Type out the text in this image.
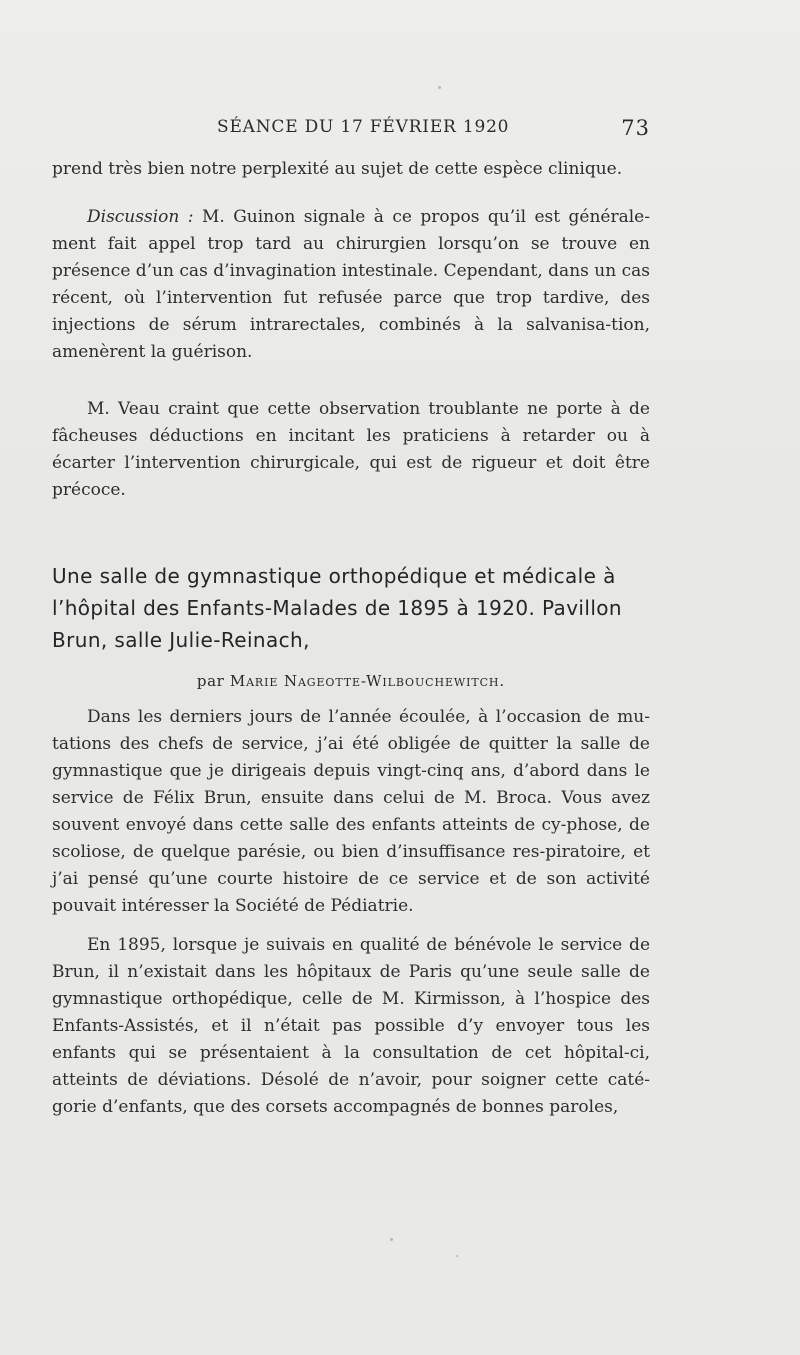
SÉANCE DU 17 FÉVRIER 1920	73
prend très bien notre perplexité au sujet de cette espèce clinique.
Discussion : M. Guinon signale à ce propos qu’il est générale-ment fait appel trop tard au chirurgien lorsqu’on se trouve en présence d’un cas d’invagination intestinale. Cependant, dans un cas récent, où l’intervention fut refusée parce que trop tardive, des injections de sérum intrarectales, combinés à la salvanisa-tion, amenèrent la guérison.
M. Veau craint que cette observation troublante ne porte à de fâcheuses déductions en incitant les praticiens à retarder ou à écarter l’intervention chirurgicale, qui est de rigueur et doit être précoce.
Une salle de gymnastique orthopédique et médicale à l’hôpital des Enfants-Malades de 1895 à 1920. Pavillon Brun, salle Julie-Reinach,
par Marie Nageotte-Wilbouchewitch.
Dans les derniers jours de l’année écoulée, à l’occasion de mu-tations des chefs de service, j’ai été obligée de quitter la salle de gymnastique que je dirigeais depuis vingt-cinq ans, d’abord dans le service de Félix Brun, ensuite dans celui de M. Broca. Vous avez souvent envoyé dans cette salle des enfants atteints de cy-phose, de scoliose, de quelque parésie, ou bien d’insuffisance res-piratoire, et j’ai pensé qu’une courte histoire de ce service et de son activité pouvait intéresser la Société de Pédiatrie.
En 1895, lorsque je suivais en qualité de bénévole le service de Brun, il n’existait dans les hôpitaux de Paris qu’une seule salle de gymnastique orthopédique, celle de M. Kirmisson, à l’hospice des Enfants-Assistés, et il n’était pas possible d’y envoyer tous les enfants qui se présentaient à la consultation de cet hôpital-ci, atteints de déviations. Désolé de n’avoir, pour soigner cette caté-gorie d’enfants, que des corsets accompagnés de bonnes paroles,
